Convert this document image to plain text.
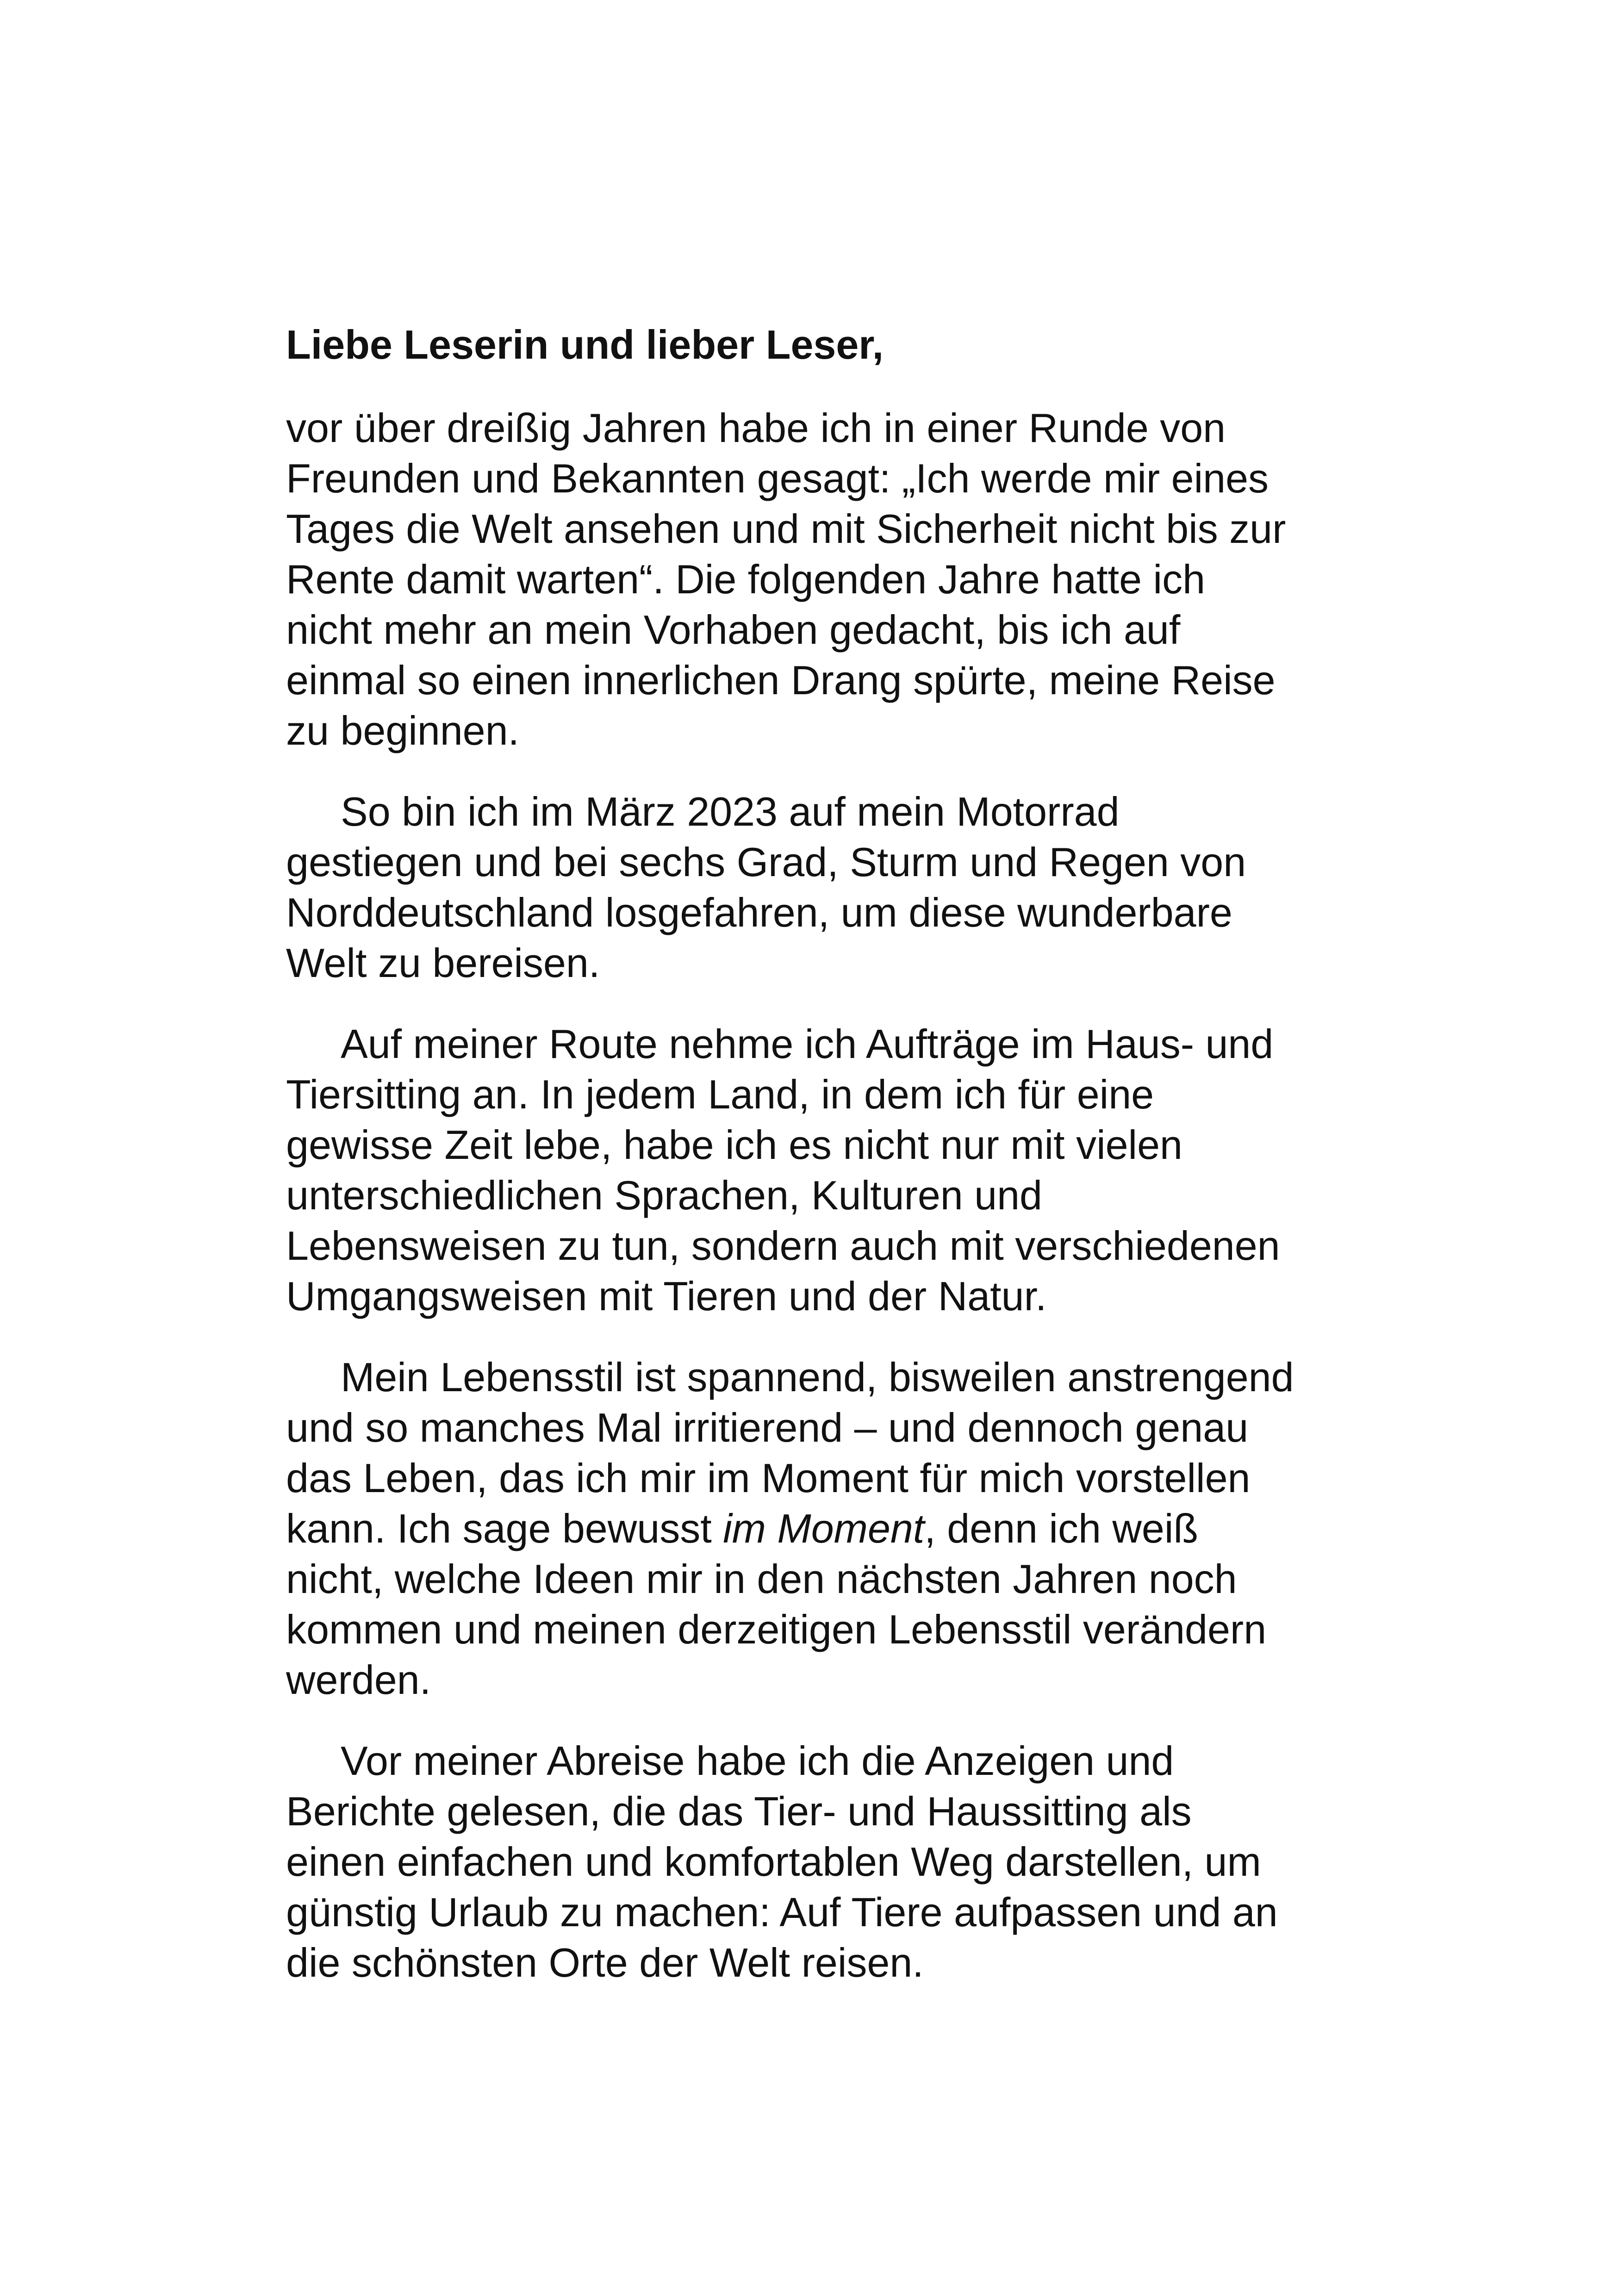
Liebe Leserin und lieber Leser,
vor über dreißig Jahren habe ich in einer Runde von
Freunden und Bekannten gesagt: „Ich werde mir eines
Tages die Welt ansehen und mit Sicherheit nicht bis zur
Rente damit warten“. Die folgenden Jahre hatte ich
nicht mehr an mein Vorhaben gedacht, bis ich auf
einmal so einen innerlichen Drang spürte, meine Reise
zu beginnen.
So bin ich im März 2023 auf mein Motorrad
gestiegen und bei sechs Grad, Sturm und Regen von
Norddeutschland losgefahren, um diese wunderbare
Welt zu bereisen.
Auf meiner Route nehme ich Aufträge im Haus- und
Tiersitting an. In jedem Land, in dem ich für eine
gewisse Zeit lebe, habe ich es nicht nur mit vielen
unterschiedlichen Sprachen, Kulturen und
Lebensweisen zu tun, sondern auch mit verschiedenen
Umgangsweisen mit Tieren und der Natur.
Mein Lebensstil ist spannend, bisweilen anstrengend
und so manches Mal irritierend – und dennoch genau
das Leben, das ich mir im Moment für mich vorstellen
kann. Ich sage bewusst im Moment, denn ich weiß
nicht, welche Ideen mir in den nächsten Jahren noch
kommen und meinen derzeitigen Lebensstil verändern
werden.
Vor meiner Abreise habe ich die Anzeigen und
Berichte gelesen, die das Tier- und Haussitting als
einen einfachen und komfortablen Weg darstellen, um
günstig Urlaub zu machen: Auf Tiere aufpassen und an
die schönsten Orte der Welt reisen.
